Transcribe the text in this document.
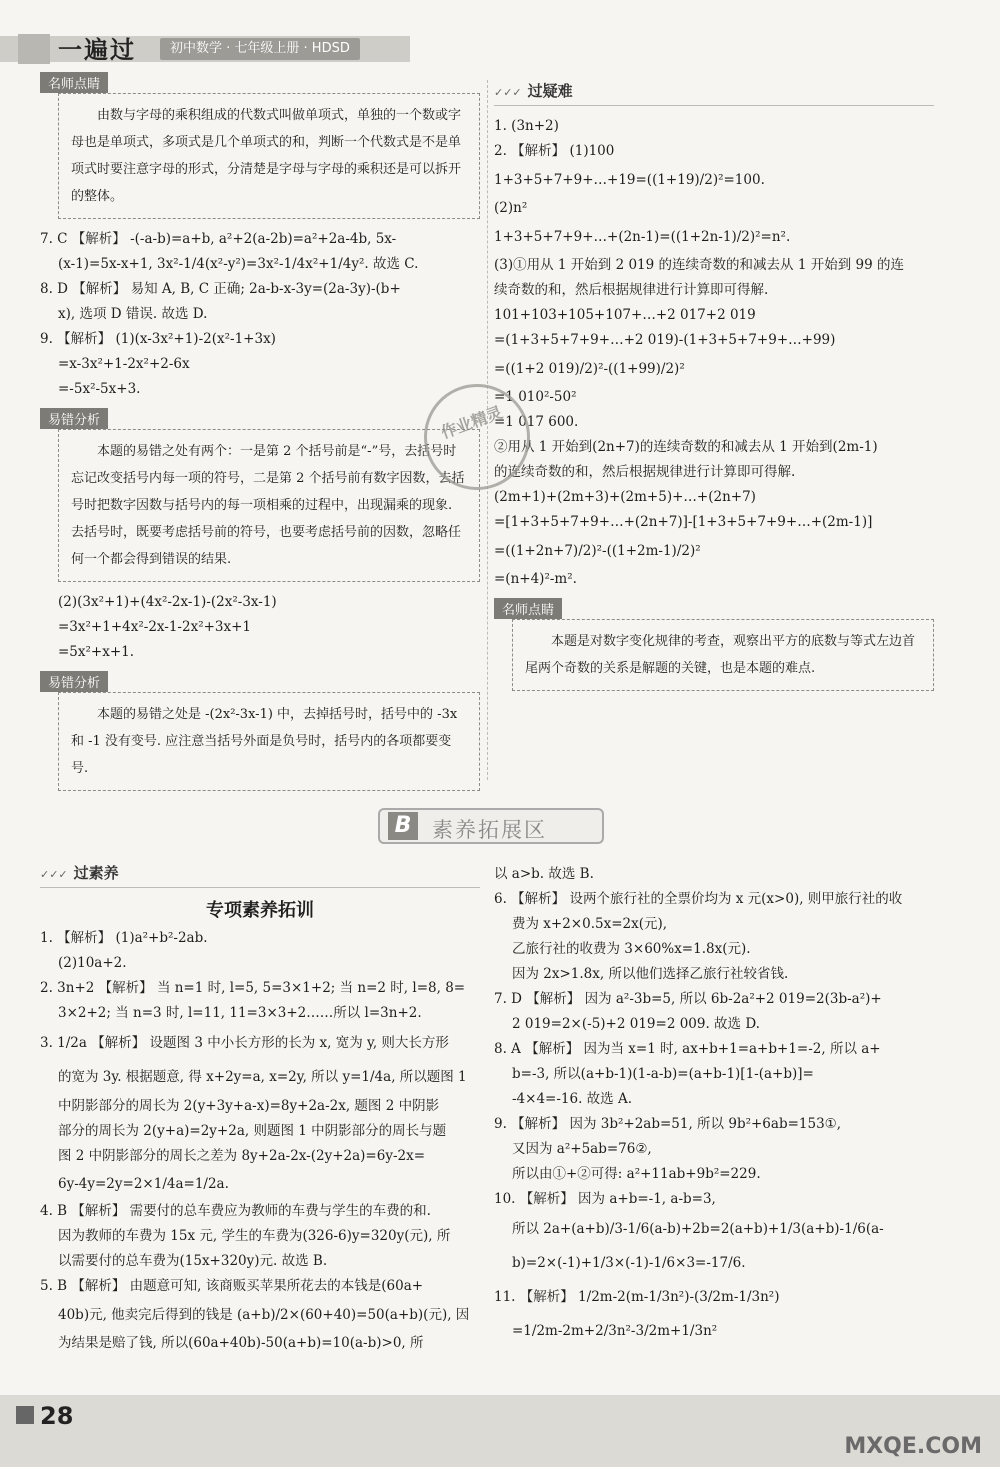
一遍过	初中数学 · 七年级上册 · HDSD
名师点睛
由数与字母的乘积组成的代数式叫做单项式，单独的一个数或字母也是单项式，多项式是几个单项式的和，判断一个代数式是不是单项式时要注意字母的形式，分清楚是字母与字母的乘积还是可以拆开的整体。
7. C 【解析】 -(-a-b)=a+b, a²+2(a-2b)=a²+2a-4b, 5x-
(x-1)=5x-x+1, 3x²-1/4(x²-y²)=3x²-1/4x²+1/4y². 故选 C.
8. D 【解析】 易知 A, B, C 正确; 2a-b-x-3y=(2a-3y)-(b+
x), 选项 D 错误. 故选 D.
9. 【解析】 (1)(x-3x²+1)-2(x²-1+3x)
=x-3x²+1-2x²+2-6x
=-5x²-5x+3.
易错分析
本题的易错之处有两个：一是第 2 个括号前是“-”号，去括号时忘记改变括号内每一项的符号，二是第 2 个括号前有数字因数，去括号时把数字因数与括号内的每一项相乘的过程中，出现漏乘的现象. 去括号时，既要考虑括号前的符号，也要考虑括号前的因数，忽略任何一个都会得到错误的结果.
(2)(3x²+1)+(4x²-2x-1)-(2x²-3x-1)
=3x²+1+4x²-2x-1-2x²+3x+1
=5x²+x+1.
易错分析
本题的易错之处是 -(2x²-3x-1) 中，去掉括号时，括号中的 -3x 和 -1 没有变号. 应注意当括号外面是负号时，括号内的各项都要变号.
✓✓✓ 过疑难
1. (3n+2)
2. 【解析】 (1)100
1+3+5+7+9+…+19=((1+19)/2)²=100.
(2)n²
1+3+5+7+9+…+(2n-1)=((1+2n-1)/2)²=n².
(3)①用从 1 开始到 2 019 的连续奇数的和减去从 1 开始到 99 的连
续奇数的和，然后根据规律进行计算即可得解.
101+103+105+107+…+2 017+2 019
=(1+3+5+7+9+…+2 019)-(1+3+5+7+9+…+99)
=((1+2 019)/2)²-((1+99)/2)²
=1 010²-50²
=1 017 600.
②用从 1 开始到(2n+7)的连续奇数的和减去从 1 开始到(2m-1)
的连续奇数的和，然后根据规律进行计算即可得解.
(2m+1)+(2m+3)+(2m+5)+…+(2n+7)
=[1+3+5+7+9+…+(2n+7)]-[1+3+5+7+9+…+(2m-1)]
=((1+2n+7)/2)²-((1+2m-1)/2)²
=(n+4)²-m².
名师点睛
本题是对数字变化规律的考查，观察出平方的底数与等式左边首尾两个奇数的关系是解题的关键，也是本题的难点.
作业精灵
B 素养拓展区
✓✓✓ 过素养
专项素养拓训
1. 【解析】 (1)a²+b²-2ab.
(2)10a+2.
2. 3n+2 【解析】 当 n=1 时, l=5, 5=3×1+2; 当 n=2 时, l=8, 8=
3×2+2; 当 n=3 时, l=11, 11=3×3+2……所以 l=3n+2.
3. 1/2a 【解析】 设题图 3 中小长方形的长为 x, 宽为 y, 则大长方形
的宽为 3y. 根据题意, 得 x+2y=a, x=2y, 所以 y=1/4a, 所以题图 1
中阴影部分的周长为 2(y+3y+a-x)=8y+2a-2x, 题图 2 中阴影
部分的周长为 2(y+a)=2y+2a, 则题图 1 中阴影部分的周长与题
图 2 中阴影部分的周长之差为 8y+2a-2x-(2y+2a)=6y-2x=
6y-4y=2y=2×1/4a=1/2a.
4. B 【解析】 需要付的总车费应为教师的车费与学生的车费的和.
因为教师的车费为 15x 元, 学生的车费为(326-6)y=320y(元), 所
以需要付的总车费为(15x+320y)元. 故选 B.
5. B 【解析】 由题意可知, 该商贩买苹果所花去的本钱是(60a+
40b)元, 他卖完后得到的钱是 (a+b)/2×(60+40)=50(a+b)(元), 因
为结果是赔了钱, 所以(60a+40b)-50(a+b)=10(a-b)>0, 所
以 a>b. 故选 B.
6. 【解析】 设两个旅行社的全票价均为 x 元(x>0), 则甲旅行社的收
费为 x+2×0.5x=2x(元),
乙旅行社的收费为 3×60%x=1.8x(元).
因为 2x>1.8x, 所以他们选择乙旅行社较省钱.
7. D 【解析】 因为 a²-3b=5, 所以 6b-2a²+2 019=2(3b-a²)+
2 019=2×(-5)+2 019=2 009. 故选 D.
8. A 【解析】 因为当 x=1 时, ax+b+1=a+b+1=-2, 所以 a+
b=-3, 所以(a+b-1)(1-a-b)=(a+b-1)[1-(a+b)]=
-4×4=-16. 故选 A.
9. 【解析】 因为 3b²+2ab=51, 所以 9b²+6ab=153①,
又因为 a²+5ab=76②,
所以由①+②可得: a²+11ab+9b²=229.
10. 【解析】 因为 a+b=-1, a-b=3,
所以 2a+(a+b)/3-1/6(a-b)+2b=2(a+b)+1/3(a+b)-1/6(a-
b)=2×(-1)+1/3×(-1)-1/6×3=-17/6.
11. 【解析】 1/2m-2(m-1/3n²)-(3/2m-1/3n²)
=1/2m-2m+2/3n²-3/2m+1/3n²
28
MXQE.COM
